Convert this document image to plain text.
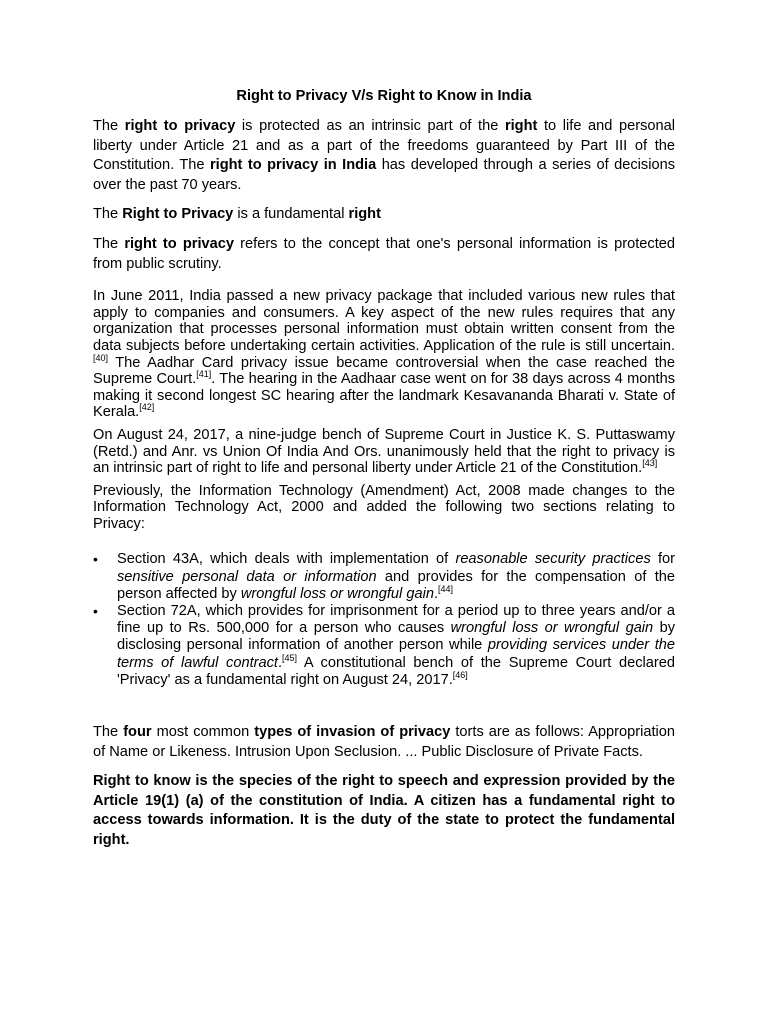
Right to Privacy V/s Right to Know in India

The right to privacy is protected as an intrinsic part of the right to life and personal liberty under Article 21 and as a part of the freedoms guaranteed by Part III of the Constitution. The right to privacy in India has developed through a series of decisions over the past 70 years.

The Right to Privacy is a fundamental right

The right to privacy refers to the concept that one's personal information is protected from public scrutiny.

In June 2011, India passed a new privacy package that included various new rules that apply to companies and consumers. A key aspect of the new rules requires that any organization that processes personal information must obtain written consent from the data subjects before undertaking certain activities. Application of the rule is still uncertain.[40] The Aadhar Card privacy issue became controversial when the case reached the Supreme Court.[41]. The hearing in the Aadhaar case went on for 38 days across 4 months making it second longest SC hearing after the landmark Kesavananda Bharati v. State of Kerala.[42]

On August 24, 2017, a nine-judge bench of Supreme Court in Justice K. S. Puttaswamy (Retd.) and Anr. vs Union Of India And Ors. unanimously held that the right to privacy is an intrinsic part of right to life and personal liberty under Article 21 of the Constitution.[43]

Previously, the Information Technology (Amendment) Act, 2008 made changes to the Information Technology Act, 2000 and added the following two sections relating to Privacy:

• Section 43A, which deals with implementation of reasonable security practices for sensitive personal data or information and provides for the compensation of the person affected by wrongful loss or wrongful gain.[44]
• Section 72A, which provides for imprisonment for a period up to three years and/or a fine up to Rs. 500,000 for a person who causes wrongful loss or wrongful gain by disclosing personal information of another person while providing services under the terms of lawful contract.[45] A constitutional bench of the Supreme Court declared 'Privacy' as a fundamental right on August 24, 2017.[46]

The four most common types of invasion of privacy torts are as follows: Appropriation of Name or Likeness. Intrusion Upon Seclusion. ... Public Disclosure of Private Facts.

Right to know is the species of the right to speech and expression provided by the Article 19(1) (a) of the constitution of India. A citizen has a fundamental right to access towards information. It is the duty of the state to protect the fundamental right.
